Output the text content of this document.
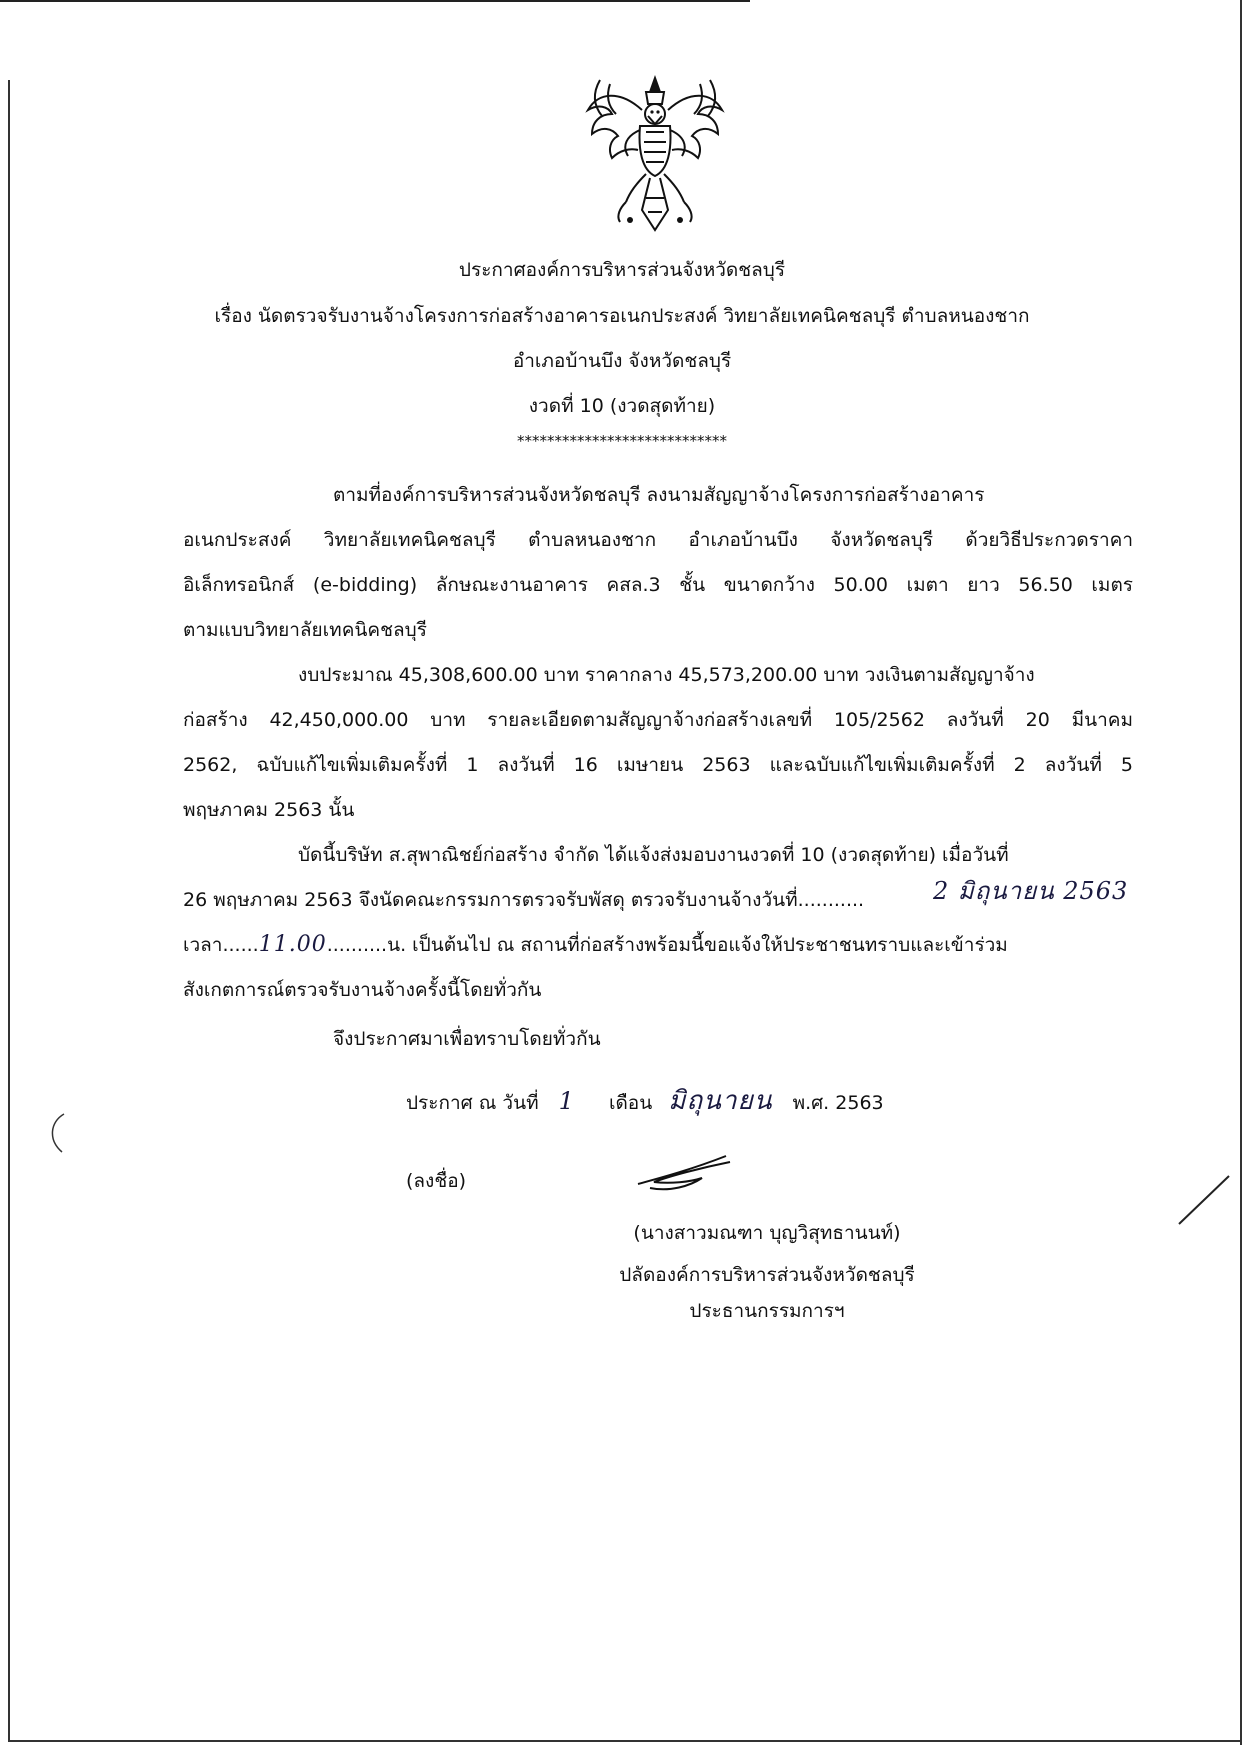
ประกาศองค์การบริหารส่วนจังหวัดชลบุรี
เรื่อง นัดตรวจรับงานจ้างโครงการก่อสร้างอาคารอเนกประสงค์ วิทยาลัยเทคนิคชลบุรี ตำบลหนองชาก
อำเภอบ้านบึง จังหวัดชลบุรี
งวดที่ 10 (งวดสุดท้าย)
****************************
ตามที่องค์การบริหารส่วนจังหวัดชลบุรี ลงนามสัญญาจ้างโครงการก่อสร้างอาคาร
อเนกประสงค์ วิทยาลัยเทคนิคชลบุรี ตำบลหนองชาก อำเภอบ้านบึง จังหวัดชลบุรี ด้วยวิธีประกวดราคา
อิเล็กทรอนิกส์ (e-bidding) ลักษณะงานอาคาร คสล.3 ชั้น ขนาดกว้าง 50.00 เมตา ยาว 56.50 เมตร
ตามแบบวิทยาลัยเทคนิคชลบุรี
งบประมาณ 45,308,600.00 บาท ราคากลาง 45,573,200.00 บาท วงเงินตามสัญญาจ้าง
ก่อสร้าง 42,450,000.00 บาท รายละเอียดตามสัญญาจ้างก่อสร้างเลขที่ 105/2562 ลงวันที่ 20 มีนาคม
2562, ฉบับแก้ไขเพิ่มเติมครั้งที่ 1 ลงวันที่ 16 เมษายน 2563 และฉบับแก้ไขเพิ่มเติมครั้งที่ 2 ลงวันที่ 5
พฤษภาคม 2563 นั้น
บัดนี้บริษัท ส.สุพาณิชย์ก่อสร้าง จำกัด ได้แจ้งส่งมอบงานงวดที่ 10 (งวดสุดท้าย) เมื่อวันที่
26 พฤษภาคม 2563 จึงนัดคณะกรรมการตรวจรับพัสดุ ตรวจรับงานจ้างวันที่...........	2 มิถุนายน 2563
เวลา......11.00..........น. เป็นต้นไป ณ สถานที่ก่อสร้างพร้อมนี้ขอแจ้งให้ประชาชนทราบและเข้าร่วม
สังเกตการณ์ตรวจรับงานจ้างครั้งนี้โดยทั่วกัน
จึงประกาศมาเพื่อทราบโดยทั่วกัน
ประกาศ ณ วันที่ 1 เดือน มิถุนายน พ.ศ. 2563
(ลงชื่อ)
(นางสาวมณฑา บุญวิสุทธานนท์)
ปลัดองค์การบริหารส่วนจังหวัดชลบุรี
ประธานกรรมการฯ
